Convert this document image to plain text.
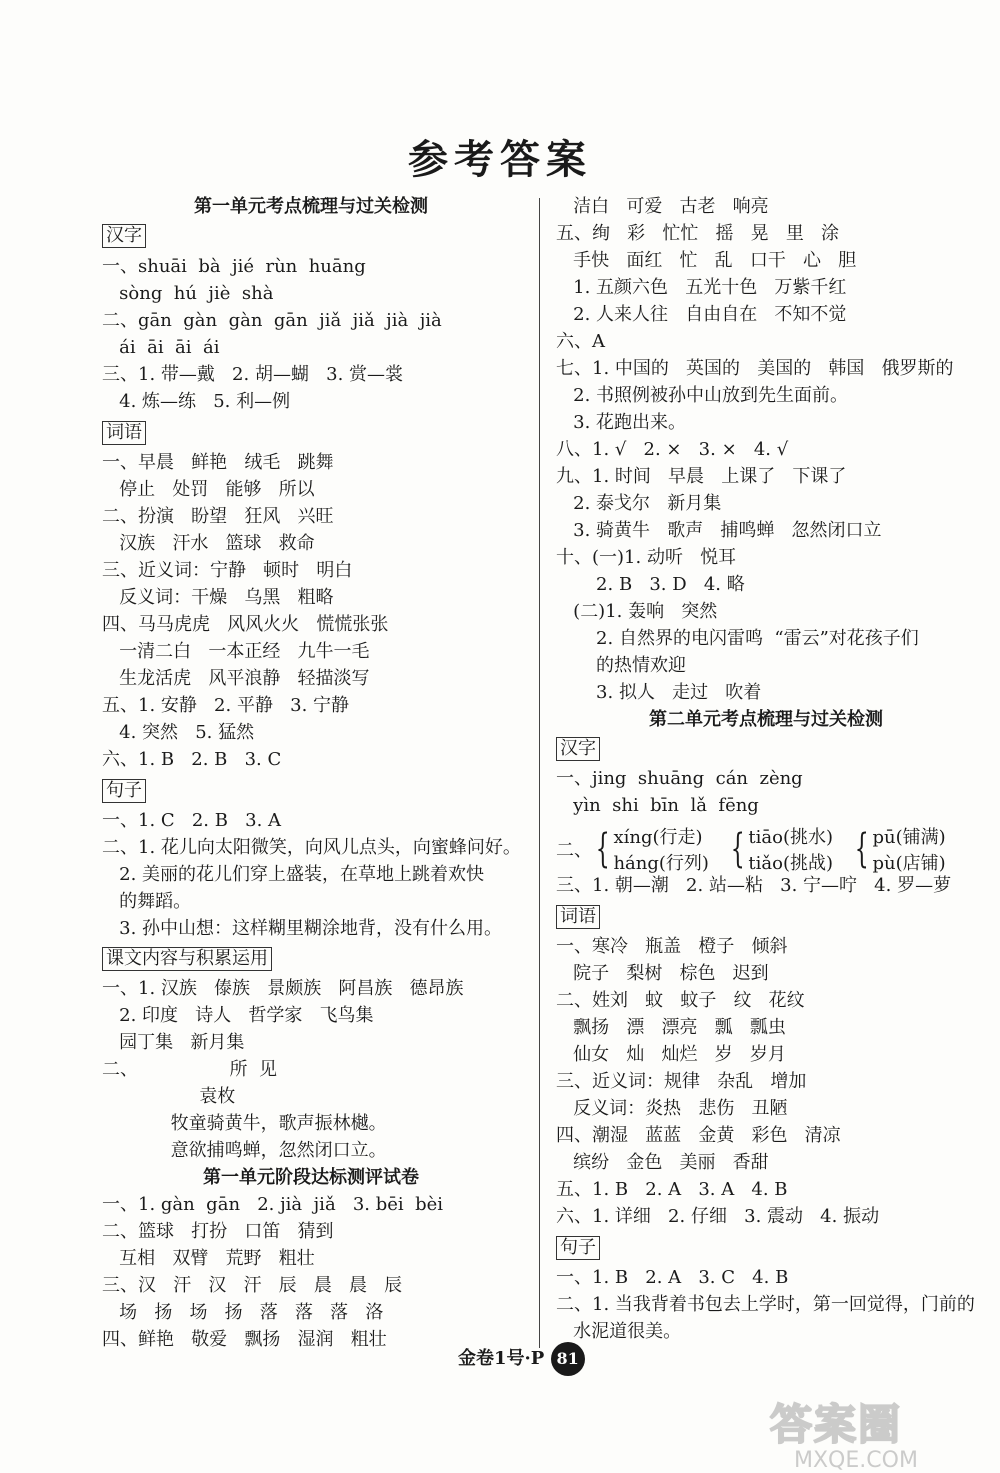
参考答案
第一单元考点梳理与过关检测
汉字
一、shuāi  bà  jié  rùn  huāng
sòng  hú  jiè  shà
二、gān  gàn  gàn  gān  jiǎ  jiǎ  jià  jià
ái  āi  āi  ái
三、1. 带—戴   2. 胡—蝴   3. 赏—裳
4. 炼—练   5. 利—例
词语
一、早晨   鲜艳   绒毛   跳舞
停止   处罚   能够   所以
二、扮演   盼望   狂风   兴旺
汉族   汗水   篮球   救命
三、近义词：宁静   顿时   明白
反义词：干燥   乌黑   粗略
四、马马虎虎   风风火火   慌慌张张
一清二白   一本正经   九牛一毛
生龙活虎   风平浪静   轻描淡写
五、1. 安静   2. 平静   3. 宁静
4. 突然   5. 猛然
六、1. B   2. B   3. C
句子
一、1. C   2. B   3. A
二、1. 花儿向太阳微笑，向风儿点头，向蜜蜂问好。
2. 美丽的花儿们穿上盛装，在草地上跳着欢快
的舞蹈。
3. 孙中山想：这样糊里糊涂地背，没有什么用。
课文内容与积累运用
一、1. 汉族   傣族   景颇族   阿昌族   德昂族
2. 印度   诗人   哲学家   飞鸟集
园丁集   新月集
二、                所  见
袁枚
牧童骑黄牛，歌声振林樾。
意欲捕鸣蝉，忽然闭口立。
第一单元阶段达标测评试卷
一、1. gàn  gān   2. jià  jiǎ   3. bēi  bèi
二、篮球   打扮   口笛   猜到
互相   双臂   荒野   粗壮
三、汉   汗   汉   汗   辰   晨   晨   辰
场   扬   场   扬   落   落   落   洛
四、鲜艳   敬爱   飘扬   湿润   粗壮
洁白   可爱   古老   响亮
五、绚   彩   忙忙   摇   晃   里   涂
手快   面红   忙   乱   口干   心   胆
1. 五颜六色   五光十色   万紫千红
2. 人来人往   自由自在   不知不觉
六、A
七、1. 中国的   英国的   美国的   韩国   俄罗斯的
2. 书照例被孙中山放到先生面前。
3. 花跑出来。
八、1. √   2. ×   3. ×   4. √
九、1. 时间   早晨   上课了   下课了
2. 泰戈尔   新月集
3. 骑黄牛   歌声   捕鸣蝉   忽然闭口立
十、(一)1. 动听   悦耳
2. B   3. D   4. 略
(二)1. 轰响   突然
2. 自然界的电闪雷鸣  “雷云”对花孩子们
的热情欢迎
3. 拟人   走过   吹着
第二单元考点梳理与过关检测
汉字
一、jing  shuāng  cán  zèng
yìn  shi  bīn  lǎ  fēng
二、{ xíng(行走)
háng(行列) { tiāo(挑水)
tiǎo(挑战) { pū(铺满)
pù(店铺)
三、1. 朝—潮   2. 站—粘   3. 宁—咛   4. 罗—萝
词语
一、寒冷   瓶盖   橙子   倾斜
院子   梨树   棕色   迟到
二、姓刘   蚊   蚊子   纹   花纹
飘扬   漂   漂亮   瓢   瓢虫
仙女   灿   灿烂   岁   岁月
三、近义词：规律   杂乱   增加
反义词：炎热   悲伤   丑陋
四、潮湿   蓝蓝   金黄   彩色   清凉
缤纷   金色   美丽   香甜
五、1. B   2. A   3. A   4. B
六、1. 详细   2. 仔细   3. 震动   4. 振动
句子
一、1. B   2. A   3. C   4. B
二、1. 当我背着书包去上学时，第一回觉得，门前的
水泥道很美。
金卷1号·P 81
答案圈
MXQE.COM
